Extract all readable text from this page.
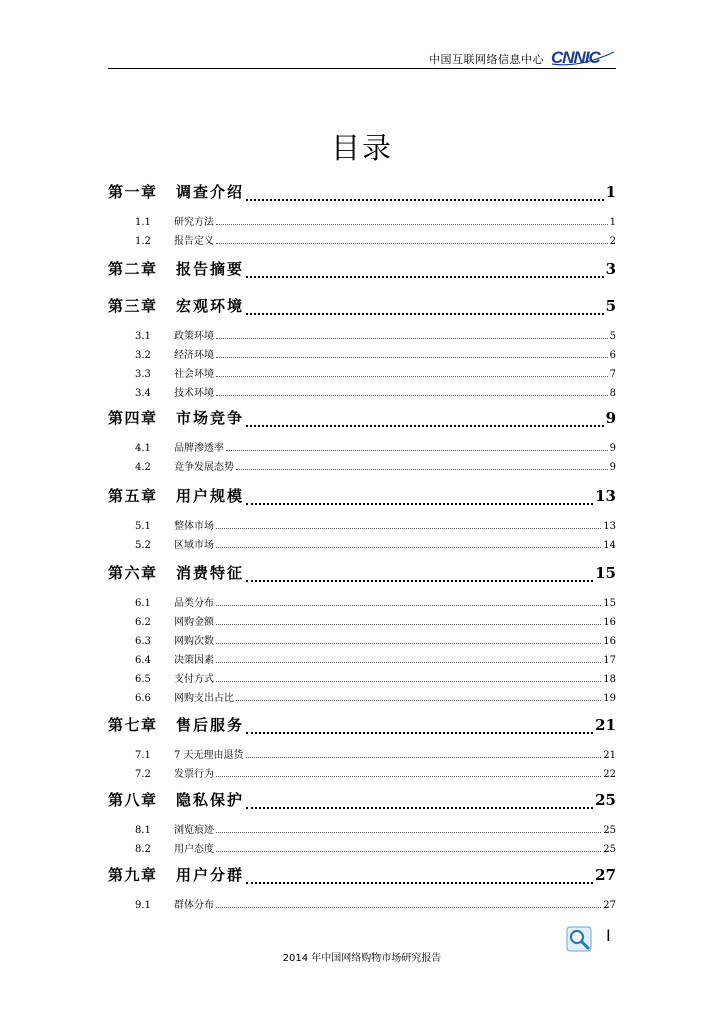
中国互联网络信息中心 CNNIC
目录
第一章	调查介绍	1
1.1	研究方法	1
1.2	报告定义	2
第二章	报告摘要	3
第三章	宏观环境	5
3.1	政策环境	5
3.2	经济环境	6
3.3	社会环境	7
3.4	技术环境	8
第四章	市场竞争	9
4.1	品牌渗透率	9
4.2	竞争发展态势	9
第五章	用户规模	13
5.1	整体市场	13
5.2	区域市场	14
第六章	消费特征	15
6.1	品类分布	15
6.2	网购金额	16
6.3	网购次数	16
6.4	决策因素	17
6.5	支付方式	18
6.6	网购支出占比	19
第七章	售后服务	21
7.1	7 天无理由退货	21
7.2	发票行为	22
第八章	隐私保护	25
8.1	浏览痕迹	25
8.2	用户态度	25
第九章	用户分群	27
9.1	群体分布	27
2014 年中国网络购物市场研究报告
I
